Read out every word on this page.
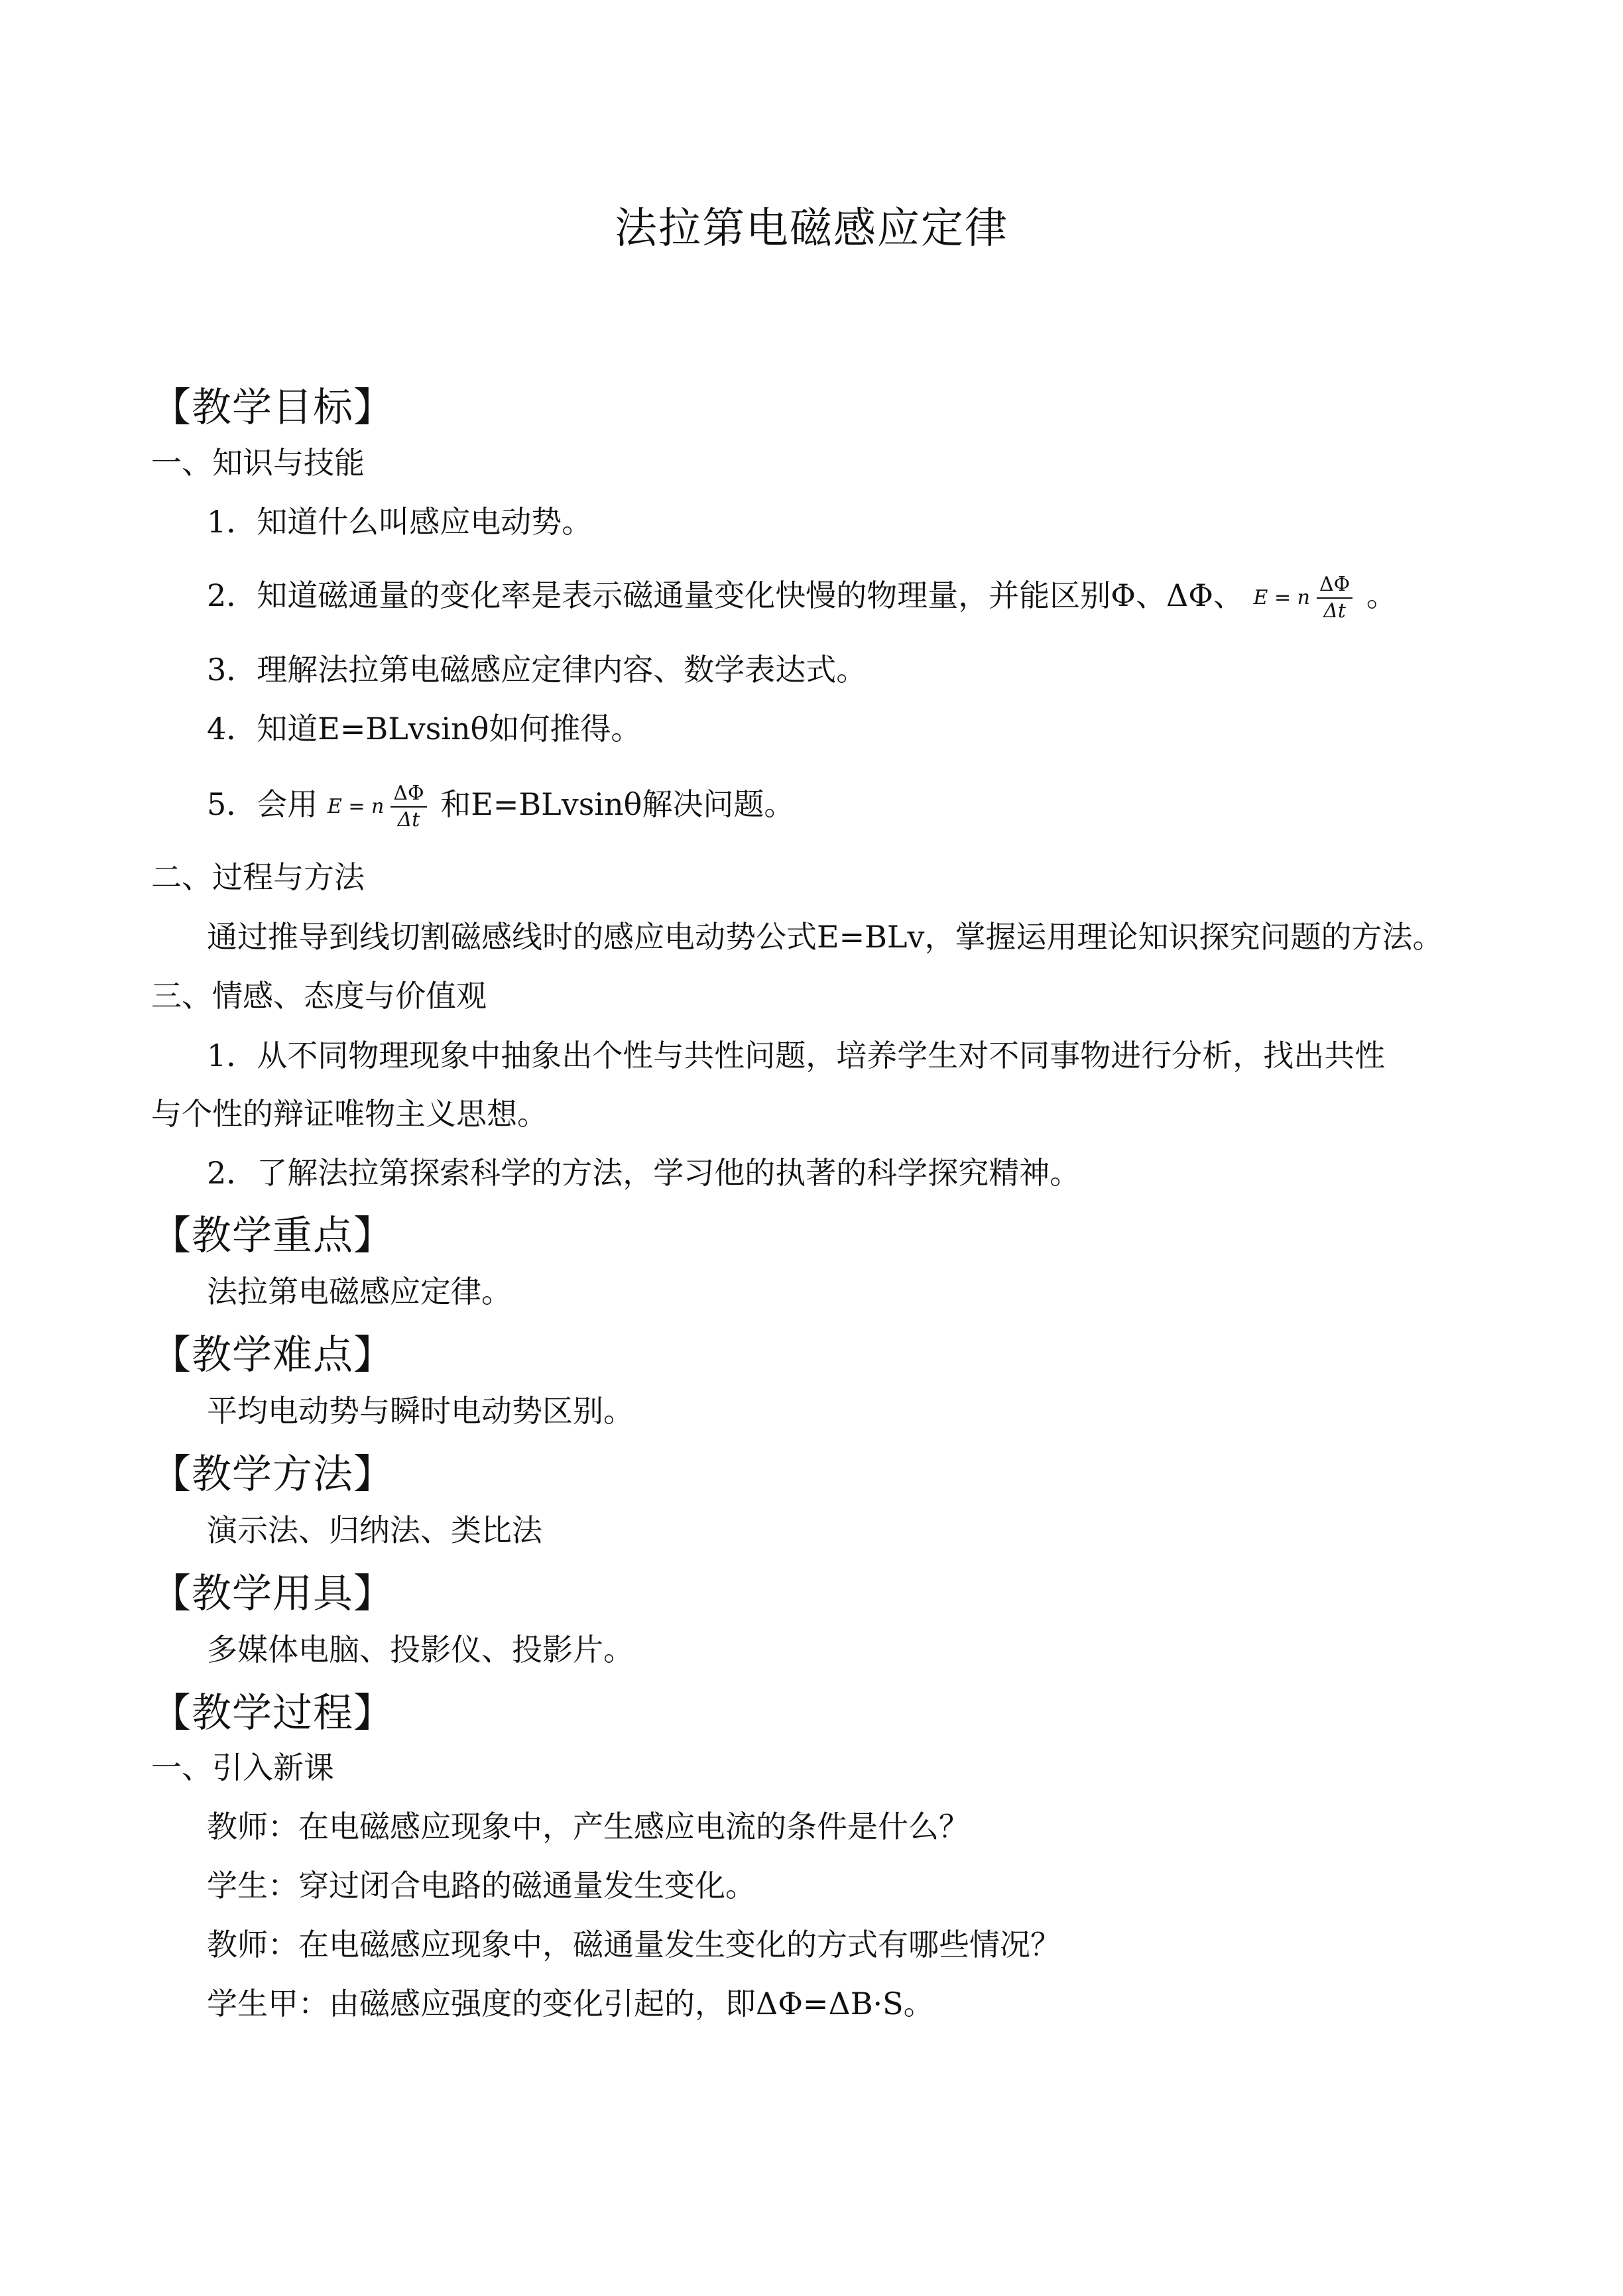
法拉第电磁感应定律
【教学目标】
一、知识与技能
1．知道什么叫感应电动势。
2．知道磁通量的变化率是表示磁通量变化快慢的物理量，并能区别Φ、ΔΦ、 E = n $\frac{\Delta\Phi}{\Delta t}$ 。
3．理解法拉第电磁感应定律内容、数学表达式。
4．知道E=BLvsinθ如何推得。
5．会用 E = n $\frac{\Delta\Phi}{\Delta t}$ 和E=BLvsinθ解决问题。
二、过程与方法
通过推导到线切割磁感线时的感应电动势公式E=BLv，掌握运用理论知识探究问题的方法。
三、情感、态度与价值观
1．从不同物理现象中抽象出个性与共性问题，培养学生对不同事物进行分析，找出共性
与个性的辩证唯物主义思想。
2．了解法拉第探索科学的方法，学习他的执著的科学探究精神。
【教学重点】
法拉第电磁感应定律。
【教学难点】
平均电动势与瞬时电动势区别。
【教学方法】
演示法、归纳法、类比法
【教学用具】
多媒体电脑、投影仪、投影片。
【教学过程】
一、引入新课
教师：在电磁感应现象中，产生感应电流的条件是什么？
学生：穿过闭合电路的磁通量发生变化。
教师：在电磁感应现象中，磁通量发生变化的方式有哪些情况？
学生甲：由磁感应强度的变化引起的，即ΔΦ=ΔB·S。
